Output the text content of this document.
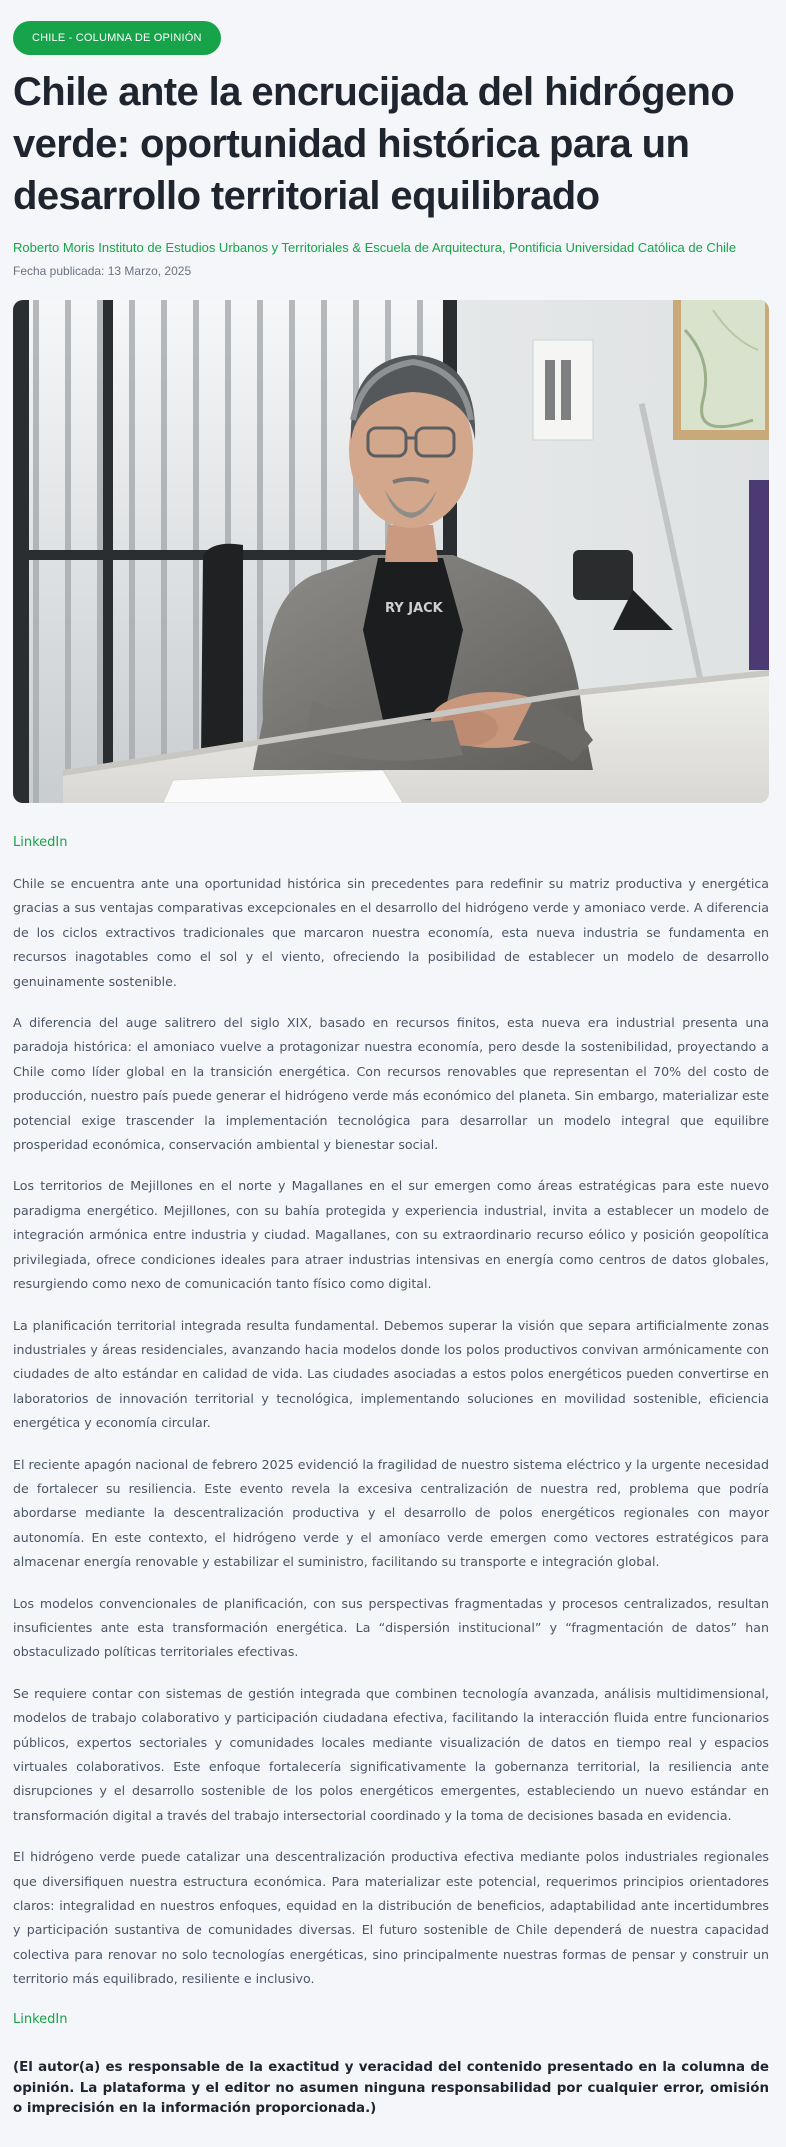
CHILE - COLUMNA DE OPINIÓN
Chile ante la encrucijada del hidrógeno verde: oportunidad histórica para un desarrollo territorial equilibrado
Roberto Moris Instituto de Estudios Urbanos y Territoriales & Escuela de Arquitectura, Pontificia Universidad Católica de Chile
Fecha publicada: 13 Marzo, 2025
RY JACK
LinkedIn

Chile se encuentra ante una oportunidad histórica sin precedentes para redefinir su matriz productiva y energética gracias a sus ventajas comparativas excepcionales en el desarrollo del hidrógeno verde y amoniaco verde. A diferencia de los ciclos extractivos tradicionales que marcaron nuestra economía, esta nueva industria se fundamenta en recursos inagotables como el sol y el viento, ofreciendo la posibilidad de establecer un modelo de desarrollo genuinamente sostenible.

A diferencia del auge salitrero del siglo XIX, basado en recursos finitos, esta nueva era industrial presenta una paradoja histórica: el amoniaco vuelve a protagonizar nuestra economía, pero desde la sostenibilidad, proyectando a Chile como líder global en la transición energética. Con recursos renovables que representan el 70% del costo de producción, nuestro país puede generar el hidrógeno verde más económico del planeta. Sin embargo, materializar este potencial exige trascender la implementación tecnológica para desarrollar un modelo integral que equilibre prosperidad económica, conservación ambiental y bienestar social.

Los territorios de Mejillones en el norte y Magallanes en el sur emergen como áreas estratégicas para este nuevo paradigma energético. Mejillones, con su bahía protegida y experiencia industrial, invita a establecer un modelo de integración armónica entre industria y ciudad. Magallanes, con su extraordinario recurso eólico y posición geopolítica privilegiada, ofrece condiciones ideales para atraer industrias intensivas en energía como centros de datos globales, resurgiendo como nexo de comunicación tanto físico como digital.

La planificación territorial integrada resulta fundamental. Debemos superar la visión que separa artificialmente zonas industriales y áreas residenciales, avanzando hacia modelos donde los polos productivos convivan armónicamente con ciudades de alto estándar en calidad de vida. Las ciudades asociadas a estos polos energéticos pueden convertirse en laboratorios de innovación territorial y tecnológica, implementando soluciones en movilidad sostenible, eficiencia energética y economía circular.

El reciente apagón nacional de febrero 2025 evidenció la fragilidad de nuestro sistema eléctrico y la urgente necesidad de fortalecer su resiliencia. Este evento revela la excesiva centralización de nuestra red, problema que podría abordarse mediante la descentralización productiva y el desarrollo de polos energéticos regionales con mayor autonomía. En este contexto, el hidrógeno verde y el amoníaco verde emergen como vectores estratégicos para almacenar energía renovable y estabilizar el suministro, facilitando su transporte e integración global.

Los modelos convencionales de planificación, con sus perspectivas fragmentadas y procesos centralizados, resultan insuficientes ante esta transformación energética. La “dispersión institucional” y “fragmentación de datos” han obstaculizado políticas territoriales efectivas.

Se requiere contar con sistemas de gestión integrada que combinen tecnología avanzada, análisis multidimensional, modelos de trabajo colaborativo y participación ciudadana efectiva, facilitando la interacción fluida entre funcionarios públicos, expertos sectoriales y comunidades locales mediante visualización de datos en tiempo real y espacios virtuales colaborativos. Este enfoque fortalecería significativamente la gobernanza territorial, la resiliencia ante disrupciones y el desarrollo sostenible de los polos energéticos emergentes, estableciendo un nuevo estándar en transformación digital a través del trabajo intersectorial coordinado y la toma de decisiones basada en evidencia.

El hidrógeno verde puede catalizar una descentralización productiva efectiva mediante polos industriales regionales que diversifiquen nuestra estructura económica. Para materializar este potencial, requerimos principios orientadores claros: integralidad en nuestros enfoques, equidad en la distribución de beneficios, adaptabilidad ante incertidumbres y participación sustantiva de comunidades diversas. El futuro sostenible de Chile dependerá de nuestra capacidad colectiva para renovar no solo tecnologías energéticas, sino principalmente nuestras formas de pensar y construir un territorio más equilibrado, resiliente e inclusivo.

LinkedIn

(El autor(a) es responsable de la exactitud y veracidad del contenido presentado en la columna de opinión. La plataforma y el editor no asumen ninguna responsabilidad por cualquier error, omisión o imprecisión en la información proporcionada.)
